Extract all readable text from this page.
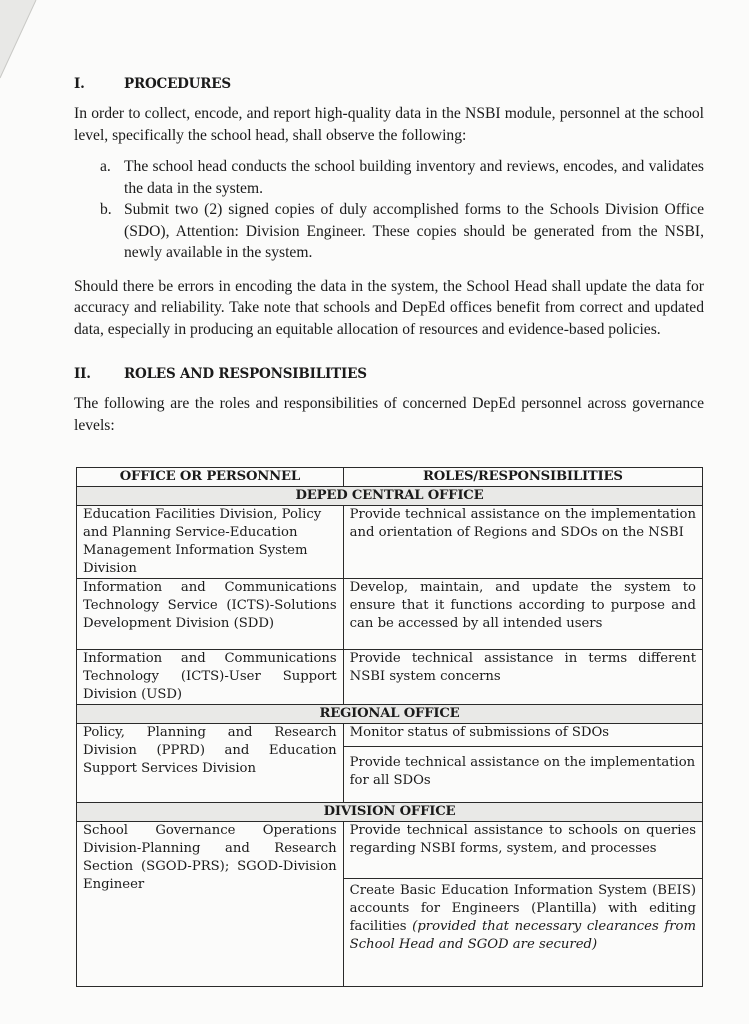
I.	PROCEDURES

In order to collect, encode, and report high-quality data in the NSBI module, personnel at the school level, specifically the school head, shall observe the following:

a. The school head conducts the school building inventory and reviews, encodes, and validates the data in the system.
b. Submit two (2) signed copies of duly accomplished forms to the Schools Division Office (SDO), Attention: Division Engineer. These copies should be generated from the NSBI, newly available in the system.

Should there be errors in encoding the data in the system, the School Head shall update the data for accuracy and reliability. Take note that schools and DepEd offices benefit from correct and updated data, especially in producing an equitable allocation of resources and evidence-based policies.

II.	ROLES AND RESPONSIBILITIES

The following are the roles and responsibilities of concerned DepEd personnel across governance levels:

OFFICE OR PERSONNEL	ROLES/RESPONSIBILITIES
DEPED CENTRAL OFFICE	
Education Facilities Division, Policy and Planning Service-Education Management Information System Division	Provide technical assistance on the implementation and orientation of Regions and SDOs on the NSBI
Information and Communications Technology Service (ICTS)-Solutions Development Division (SDD)	Develop, maintain, and update the system to ensure that it functions according to purpose and can be accessed by all intended users
Information and Communications Technology (ICTS)-User Support Division (USD)	Provide technical assistance in terms different NSBI system concerns
REGIONAL OFFICE	
Policy, Planning and Research Division (PPRD) and Education Support Services Division	Monitor status of submissions of SDOs
	Provide technical assistance on the implementation for all SDOs
DIVISION OFFICE	
School Governance Operations Division-Planning and Research Section (SGOD-PRS); SGOD-Division Engineer	Provide technical assistance to schools on queries regarding NSBI forms, system, and processes
	Create Basic Education Information System (BEIS) accounts for Engineers (Plantilla) with editing facilities (provided that necessary clearances from School Head and SGOD are secured)
